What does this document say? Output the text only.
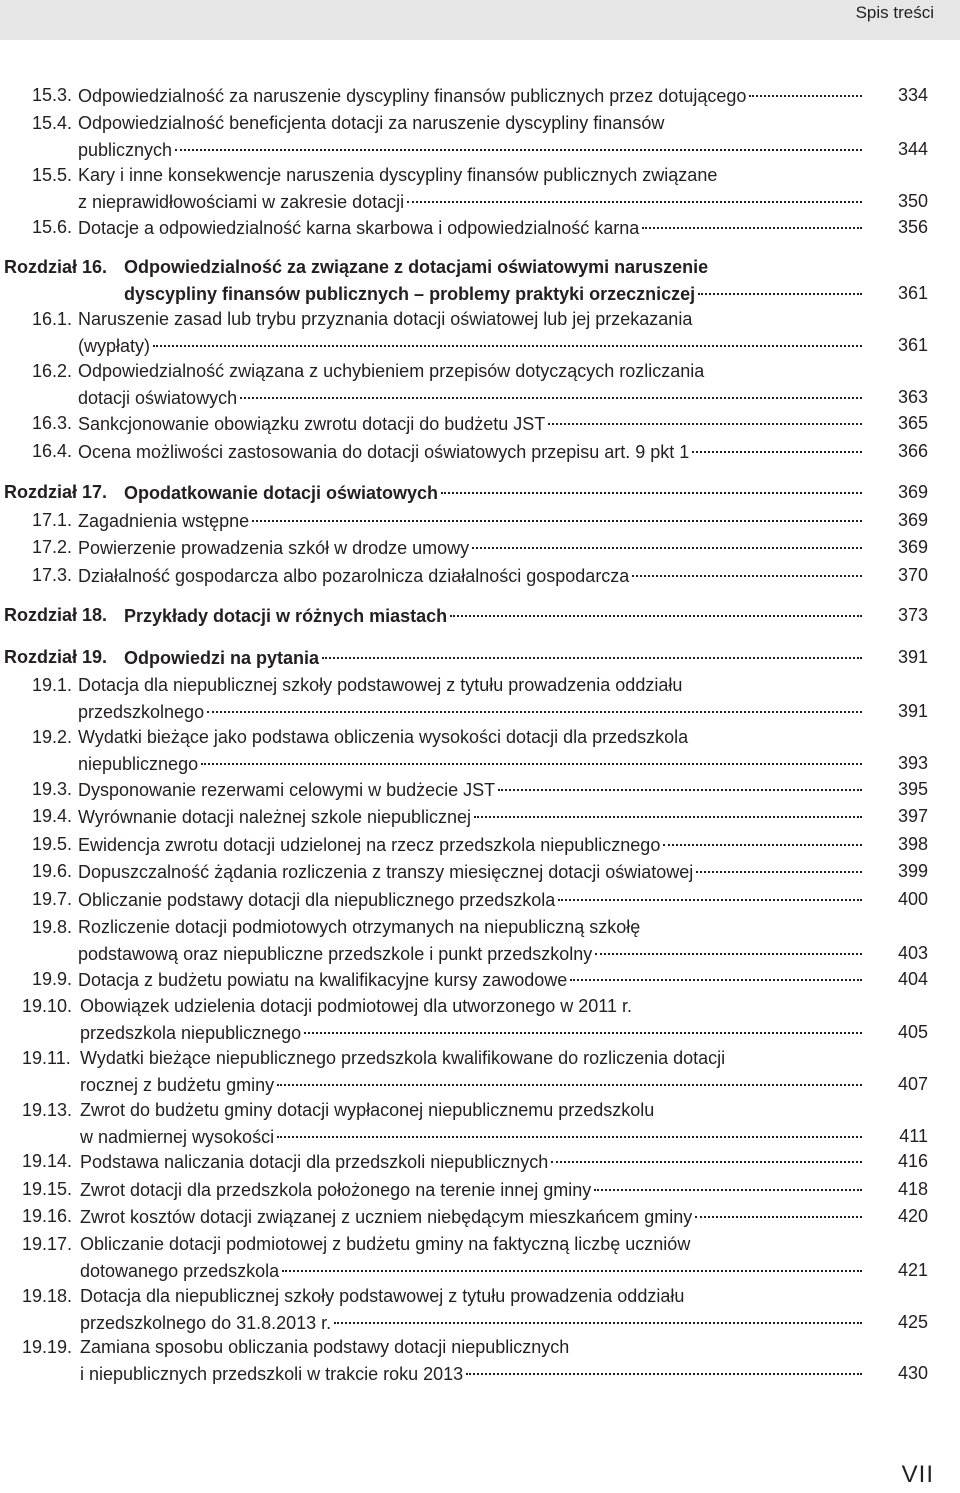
Spis treści
15.3. Odpowiedzialność za naruszenie dyscypliny finansów publicznych przez dotującego	334
15.4. Odpowiedzialność beneficjenta dotacji za naruszenie dyscypliny finansów
publicznych	344
15.5. Kary i inne konsekwencje naruszenia dyscypliny finansów publicznych związane
z nieprawidłowościami w zakresie dotacji	350
15.6. Dotacje a odpowiedzialność karna skarbowa i odpowiedzialność karna	356
Rozdział 16. Odpowiedzialność za związane z dotacjami oświatowymi naruszenie
dyscypliny finansów publicznych – problemy praktyki orzeczniczej	361
16.1. Naruszenie zasad lub trybu przyznania dotacji oświatowej lub jej przekazania
(wypłaty)	361
16.2. Odpowiedzialność związana z uchybieniem przepisów dotyczących rozliczania
dotacji oświatowych	363
16.3. Sankcjonowanie obowiązku zwrotu dotacji do budżetu JST	365
16.4. Ocena możliwości zastosowania do dotacji oświatowych przepisu art. 9 pkt 1	366
Rozdział 17. Opodatkowanie dotacji oświatowych	369
17.1. Zagadnienia wstępne	369
17.2. Powierzenie prowadzenia szkół w drodze umowy	369
17.3. Działalność gospodarcza albo pozarolnicza działalności gospodarcza	370
Rozdział 18. Przykłady dotacji w różnych miastach	373
Rozdział 19. Odpowiedzi na pytania	391
19.1. Dotacja dla niepublicznej szkoły podstawowej z tytułu prowadzenia oddziału
przedszkolnego	391
19.2. Wydatki bieżące jako podstawa obliczenia wysokości dotacji dla przedszkola
niepublicznego	393
19.3. Dysponowanie rezerwami celowymi w budżecie JST	395
19.4. Wyrównanie dotacji należnej szkole niepublicznej	397
19.5. Ewidencja zwrotu dotacji udzielonej na rzecz przedszkola niepublicznego	398
19.6. Dopuszczalność żądania rozliczenia z transzy miesięcznej dotacji oświatowej	399
19.7. Obliczanie podstawy dotacji dla niepublicznego przedszkola	400
19.8. Rozliczenie dotacji podmiotowych otrzymanych na niepubliczną szkołę
podstawową oraz niepubliczne przedszkole i punkt przedszkolny	403
19.9. Dotacja z budżetu powiatu na kwalifikacyjne kursy zawodowe	404
19.10. Obowiązek udzielenia dotacji podmiotowej dla utworzonego w 2011 r.
przedszkola niepublicznego	405
19.11. Wydatki bieżące niepublicznego przedszkola kwalifikowane do rozliczenia dotacji
rocznej z budżetu gminy	407
19.13. Zwrot do budżetu gminy dotacji wypłaconej niepublicznemu przedszkolu
w nadmiernej wysokości	411
19.14. Podstawa naliczania dotacji dla przedszkoli niepublicznych	416
19.15. Zwrot dotacji dla przedszkola położonego na terenie innej gminy	418
19.16. Zwrot kosztów dotacji związanej z uczniem niebędącym mieszkańcem gminy	420
19.17. Obliczanie dotacji podmiotowej z budżetu gminy na faktyczną liczbę uczniów
dotowanego przedszkola	421
19.18. Dotacja dla niepublicznej szkoły podstawowej z tytułu prowadzenia oddziału
przedszkolnego do 31.8.2013 r.	425
19.19. Zamiana sposobu obliczania podstawy dotacji niepublicznych
i niepublicznych przedszkoli w trakcie roku 2013	430
VII
